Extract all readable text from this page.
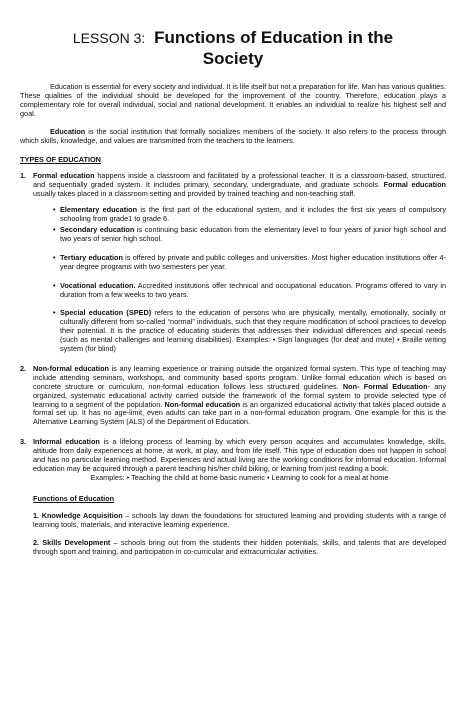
LESSON 3: Functions of Education in the
Society

Education is essential for every society and individual. It is life itself but not a preparation for life. Man has various qualities. These qualities of the individual should be developed for the improvement of the country. Therefore, education plays a complementary role for overall individual, social and national development. It enables an individual to realize his highest self and goal.

Education is the social institution that formally socializes members of the society. It also refers to the process through which skills, knowledge, and values are transmitted from the teachers to the learners.

TYPES OF EDUCATION
1. Formal education happens inside a classroom and facilitated by a professional teacher. It is a classroom-based, structured, and sequentially graded system. It includes primary, secondary, undergraduate, and graduate schools. Formal education usually takes placed in a classroom setting and provided by trained teaching and non-teaching staff.

• Elementary education is the first part of the educational system, and it includes the first six years of compulsory schooling from grade1 to grade 6.
• Secondary education is continuing basic education from the elementary level to four years of junior high school and two years of senior high school.
• Tertiary education is offered by private and public colleges and universities. Most higher education institutions offer 4-year degree programs with two semesters per year.
• Vocational education. Accredited institutions offer technical and occupational education. Programs offered to vary in duration from a few weeks to two years.
• Special education (SPED) refers to the education of persons who are physically, mentally, emotionally, socially or culturally different from so-called “normal” individuals, such that they require modification of school practices to develop their potential. It is the practice of educating students that addresses their individual differences and special needs (such as mental challenges and learning disabilities). Examples: • Sign languages (for deaf and mute) • Braille writing system (for blind)
2. Non-formal education is any learning experience or training outside the organized formal system. This type of teaching may include attending seminars, workshops, and community based sports program. Unlike formal education which is based on concrete structure or curriculum, non-formal education follows less structured guidelines. Non- Formal Education- any organized, systematic educational activity carried outside the framework of the formal system to provide selected type of learning to a segment of the population. Non-formal education is an organized educational activity that takes placed outside a formal set up. It has no age-limit, even adults can take part in a non-formal education program. One example for this is the Alternative Learning System (ALS) of the Department of Education.

3. Informal education is a lifelong process of learning by which every person acquires and accumulates knowledge, skills, attitude from daily experiences at home, at work, at play, and from life itself. This type of education does not happen in school and has no particular learning method. Experiences and actual living are the working conditions for informal education. Informal education may be acquired through a parent teaching his/her child biking, or learning from just reading a book.

Examples: • Teaching the child at home basic numeric • Learning to cook for a meal at home

Functions of Education

1. Knowledge Acquisition – schools lay down the foundations for structured learning and providing students with a range of learning tools, materials, and interactive learning experience.

2. Skills Development – schools bring out from the students their hidden potentials, skills, and talents that are developed through sport and training, and participation in co-curricular and extracurricular activities.
